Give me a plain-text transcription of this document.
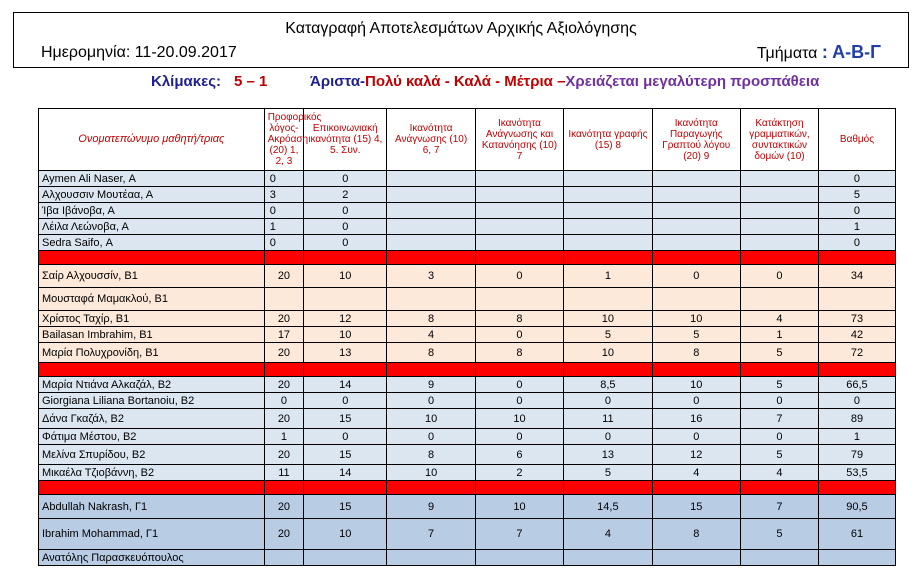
Καταγραφή Αποτελεσμάτων Αρχικής Αξιολόγησης
Ημερομηνία: 11-20.09.2017	Τμήματα : Α-Β-Γ
Κλίμακες: 5 – 1	Άριστα-Πολύ καλά - Καλά - Μέτρια –Χρειάζεται μεγαλύτερη προσπάθεια
Ονοματεπώνυμο μαθητή/τριας	Προφορικός λόγος-Ακρόαση (20) 1, 2, 3	Επικοινωνιακή ικανότητα (15) 4, 5. Συν.	Ικανότητα Ανάγνωσης (10) 6, 7	Ικανότητα Ανάγνωσης και Κατανόησης (10) 7	Ικανότητα γραφής (15) 8	Ικανότητα Παραγωγής Γραπτού λόγου (20) 9	Κατάκτηση γραμματικών, συντακτικών δομών (10)	Βαθμός
Aymen Ali Naser, Α	0	0						0
Αλχουσσιν Μουτέαα, Α	3	2						5
Ίβα Ιβάνοβα, Α	0	0						0
Λέιλα Λεώνοβα, Α	1	0						1
Sedra Saifo, Α	0	0						0

Σαίρ Αλχουσσίν, Β1	20	10	3	0	1	0	0	34
Μουσταφά Μαμακλού, Β1								
Χρίστος Ταχίρ, Β1	20	12	8	8	10	10	4	73
Bailasan Imbrahim, Β1	17	10	4	0	5	5	1	42
Μαρία Πολυχρονίδη, Β1	20	13	8	8	10	8	5	72

Μαρία Ντιάνα Αλκαζάλ, Β2	20	14	9	0	8,5	10	5	66,5
Giorgiana Liliana Bortanoiu, Β2	0	0	0	0	0	0	0	0
Δάνα Γκαζάλ, Β2	20	15	10	10	11	16	7	89
Φάτιμα Μέστου, Β2	1	0	0	0	0	0	0	1
Μελίνα Σπυρίδου, Β2	20	15	8	6	13	12	5	79
Μικαέλα Τζιοβάννη, Β2	11	14	10	2	5	4	4	53,5

Abdullah Nakrash, Γ1	20	15	9	10	14,5	15	7	90,5
Ibrahim Mohammad, Γ1	20	10	7	7	4	8	5	61
Ανατόλης Παρασκευόπουλος								
